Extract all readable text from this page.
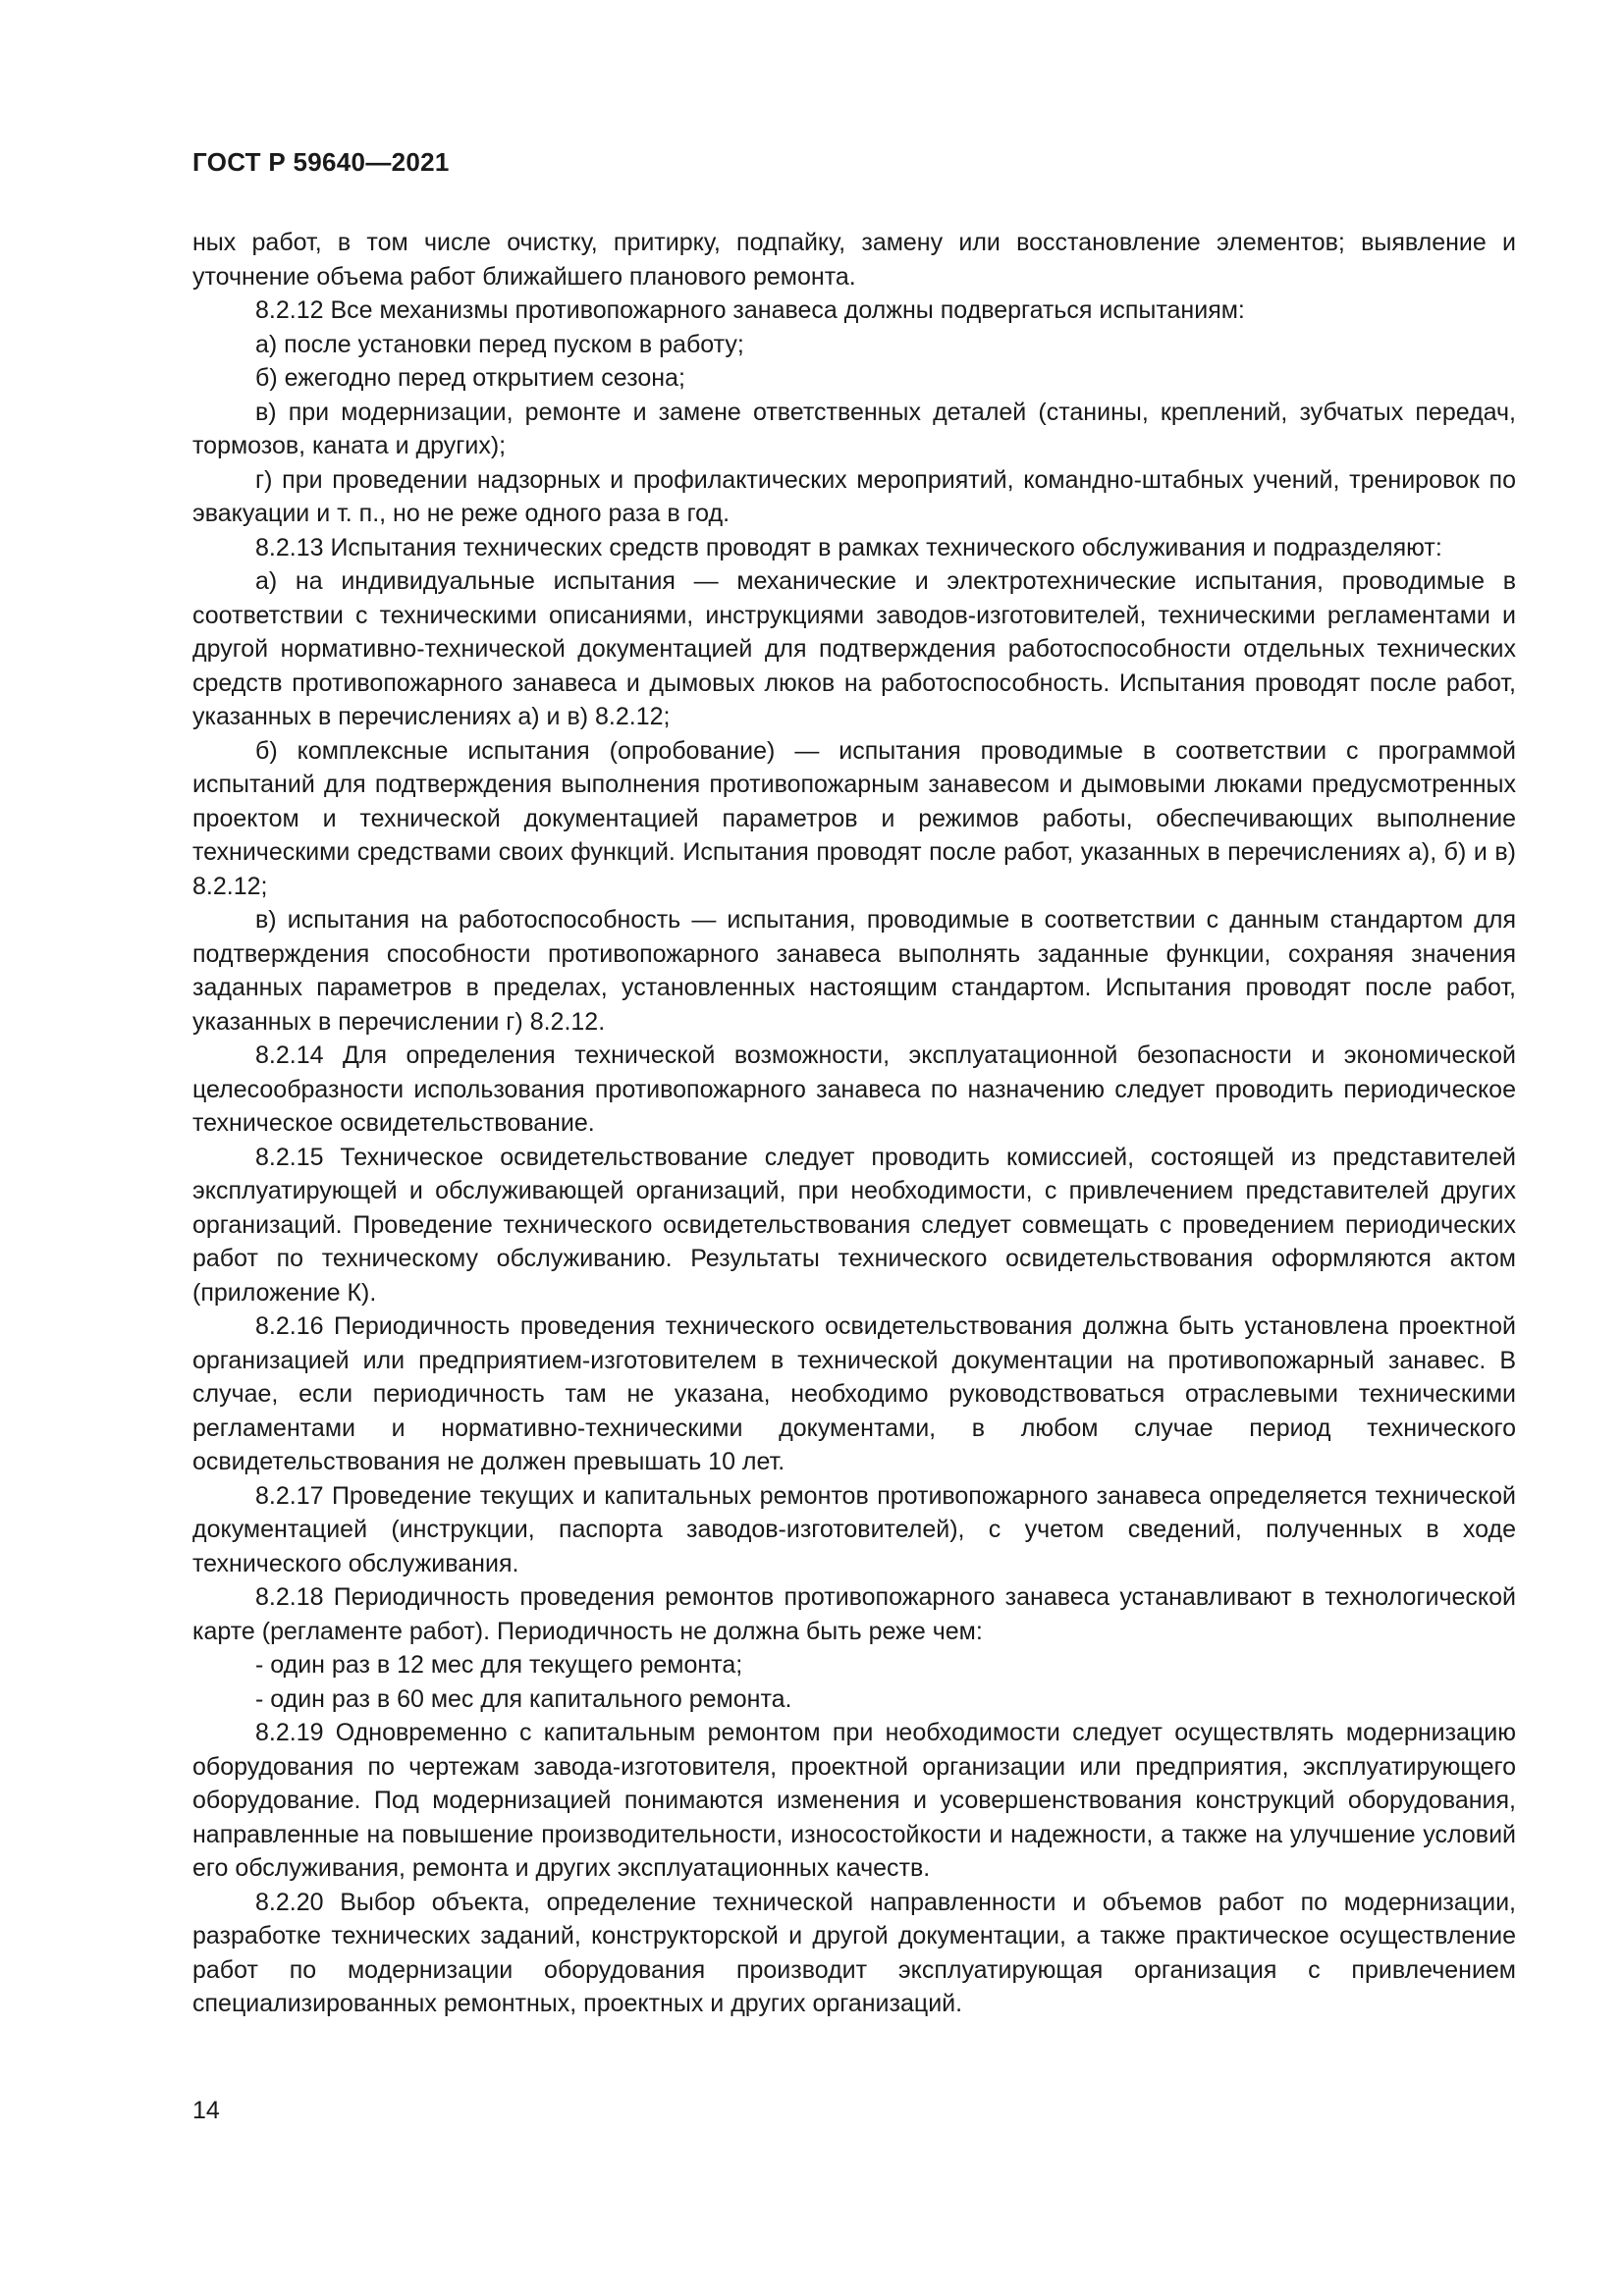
ГОСТ Р 59640—2021

ных работ, в том числе очистку, притирку, подпайку, замену или восстановление элементов; выявление и уточнение объема работ ближайшего планового ремонта.

8.2.12 Все механизмы противопожарного занавеса должны подвергаться испытаниям:

а) после установки перед пуском в работу;

б) ежегодно перед открытием сезона;

в) при модернизации, ремонте и замене ответственных деталей (станины, креплений, зубчатых передач, тормозов, каната и других);

г) при проведении надзорных и профилактических мероприятий, командно-штабных учений, тренировок по эвакуации и т. п., но не реже одного раза в год.

8.2.13 Испытания технических средств проводят в рамках технического обслуживания и подразделяют:

а) на индивидуальные испытания — механические и электротехнические испытания, проводимые в соответствии с техническими описаниями, инструкциями заводов-изготовителей, техническими регламентами и другой нормативно-технической документацией для подтверждения работоспособности отдельных технических средств противопожарного занавеса и дымовых люков на работоспособность. Испытания проводят после работ, указанных в перечислениях а) и в) 8.2.12;

б) комплексные испытания (опробование) — испытания проводимые в соответствии с программой испытаний для подтверждения выполнения противопожарным занавесом и дымовыми люками предусмотренных проектом и технической документацией параметров и режимов работы, обеспечивающих выполнение техническими средствами своих функций. Испытания проводят после работ, указанных в перечислениях а), б) и в) 8.2.12;

в) испытания на работоспособность — испытания, проводимые в соответствии с данным стандартом для подтверждения способности противопожарного занавеса выполнять заданные функции, сохраняя значения заданных параметров в пределах, установленных настоящим стандартом. Испытания проводят после работ, указанных в перечислении г) 8.2.12.

8.2.14 Для определения технической возможности, эксплуатационной безопасности и экономической целесообразности использования противопожарного занавеса по назначению следует проводить периодическое техническое освидетельствование.

8.2.15 Техническое освидетельствование следует проводить комиссией, состоящей из представителей эксплуатирующей и обслуживающей организаций, при необходимости, с привлечением представителей других организаций. Проведение технического освидетельствования следует совмещать с проведением периодических работ по техническому обслуживанию. Результаты технического освидетельствования оформляются актом (приложение К).

8.2.16 Периодичность проведения технического освидетельствования должна быть установлена проектной организацией или предприятием-изготовителем в технической документации на противопожарный занавес. В случае, если периодичность там не указана, необходимо руководствоваться отраслевыми техническими регламентами и нормативно-техническими документами, в любом случае период технического освидетельствования не должен превышать 10 лет.

8.2.17 Проведение текущих и капитальных ремонтов противопожарного занавеса определяется технической документацией (инструкции, паспорта заводов-изготовителей), с учетом сведений, полученных в ходе технического обслуживания.

8.2.18 Периодичность проведения ремонтов противопожарного занавеса устанавливают в технологической карте (регламенте работ). Периодичность не должна быть реже чем:

- один раз в 12 мес для текущего ремонта;

- один раз в 60 мес для капитального ремонта.

8.2.19 Одновременно с капитальным ремонтом при необходимости следует осуществлять модернизацию оборудования по чертежам завода-изготовителя, проектной организации или предприятия, эксплуатирующего оборудование. Под модернизацией понимаются изменения и усовершенствования конструкций оборудования, направленные на повышение производительности, износостойкости и надежности, а также на улучшение условий его обслуживания, ремонта и других эксплуатационных качеств.

8.2.20 Выбор объекта, определение технической направленности и объемов работ по модернизации, разработке технических заданий, конструкторской и другой документации, а также практическое осуществление работ по модернизации оборудования производит эксплуатирующая организация с привлечением специализированных ремонтных, проектных и других организаций.

14
